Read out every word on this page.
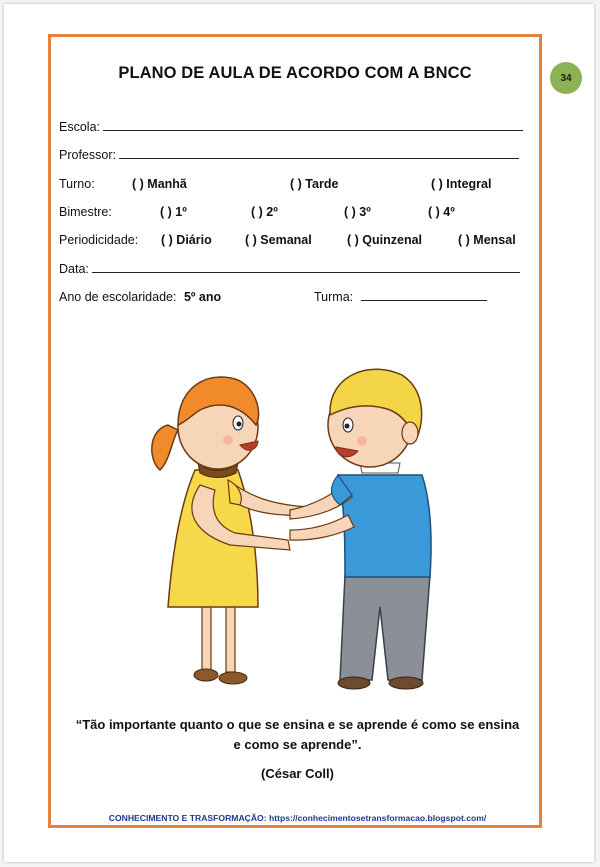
34
PLANO DE AULA DE ACORDO COM A BNCC
Escola:
Professor:
Turno:	( ) Manhã	( ) Tarde	( ) Integral
Bimestre:	( ) 1º	( ) 2º	( ) 3º	( ) 4º
Periodicidade: ( ) Diário	( ) Semanal	( ) Quinzenal	( ) Mensal
Data:
Ano de escolaridade: 5º ano	Turma:
“Tão importante quanto o que se ensina e se aprende é como se ensina
e como se aprende”.
(César Coll)
CONHECIMENTO E TRASFORMAÇÃO: https://conhecimentosetransformacao.blogspot.com/
